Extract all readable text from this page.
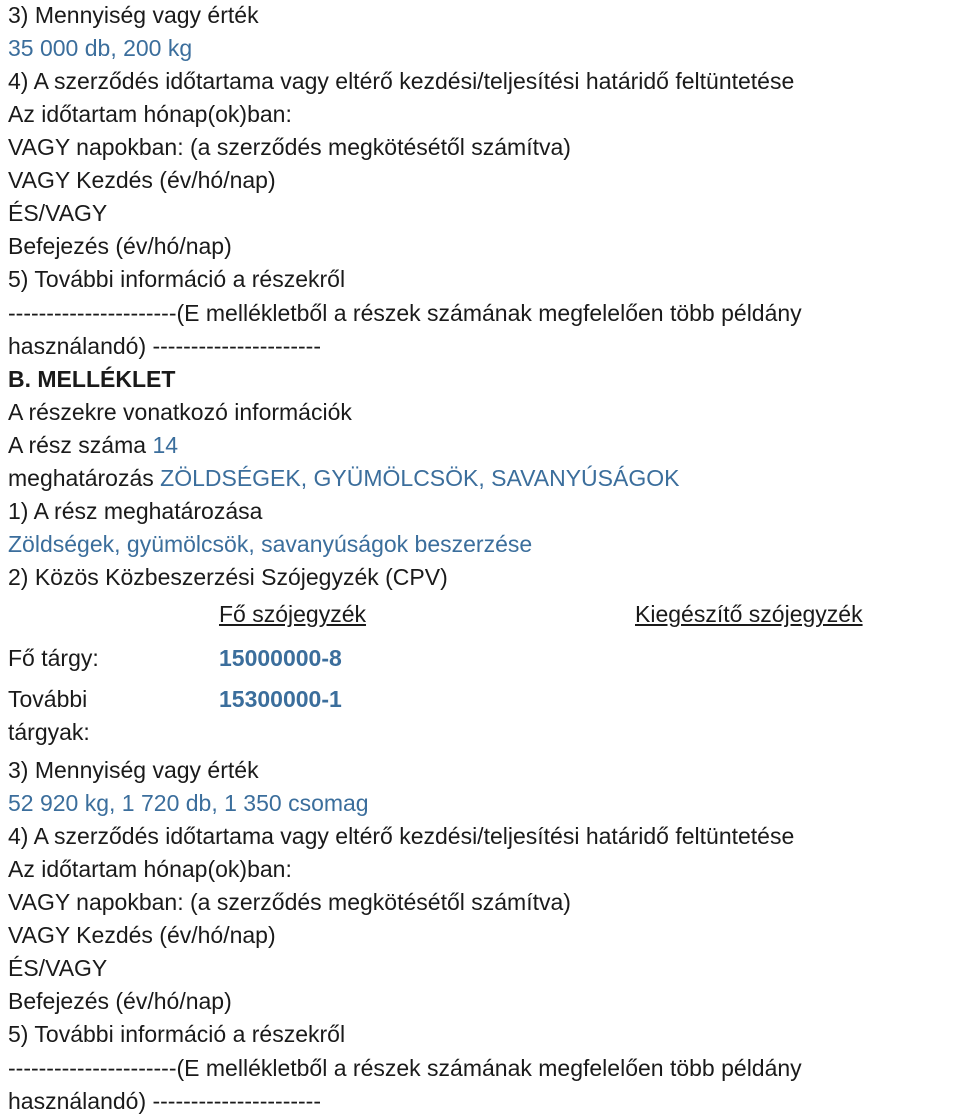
3) Mennyiség vagy érték
35 000 db, 200 kg
4) A szerződés időtartama vagy eltérő kezdési/teljesítési határidő feltüntetése
Az időtartam hónap(ok)ban:
VAGY napokban: (a szerződés megkötésétől számítva)
VAGY Kezdés (év/hó/nap)
ÉS/VAGY
Befejezés (év/hó/nap)
5) További információ a részekről
----------------------(E mellékletből a részek számának megfelelően több példány
használandó) ----------------------
B. MELLÉKLET
A részekre vonatkozó információk
A rész száma 14
meghatározás ZÖLDSÉGEK, GYÜMÖLCSÖK, SAVANYÚSÁGOK
1) A rész meghatározása
Zöldségek, gyümölcsök, savanyúságok beszerzése
2) Közös Közbeszerzési Szójegyzék (CPV)
Fő szójegyzék	Kiegészítő szójegyzék
Fő tárgy:	15000000-8
További
tárgyak:
15300000-1
3) Mennyiség vagy érték
52 920 kg, 1 720 db, 1 350 csomag
4) A szerződés időtartama vagy eltérő kezdési/teljesítési határidő feltüntetése
Az időtartam hónap(ok)ban:
VAGY napokban: (a szerződés megkötésétől számítva)
VAGY Kezdés (év/hó/nap)
ÉS/VAGY
Befejezés (év/hó/nap)
5) További információ a részekről
----------------------(E mellékletből a részek számának megfelelően több példány
használandó) ----------------------
